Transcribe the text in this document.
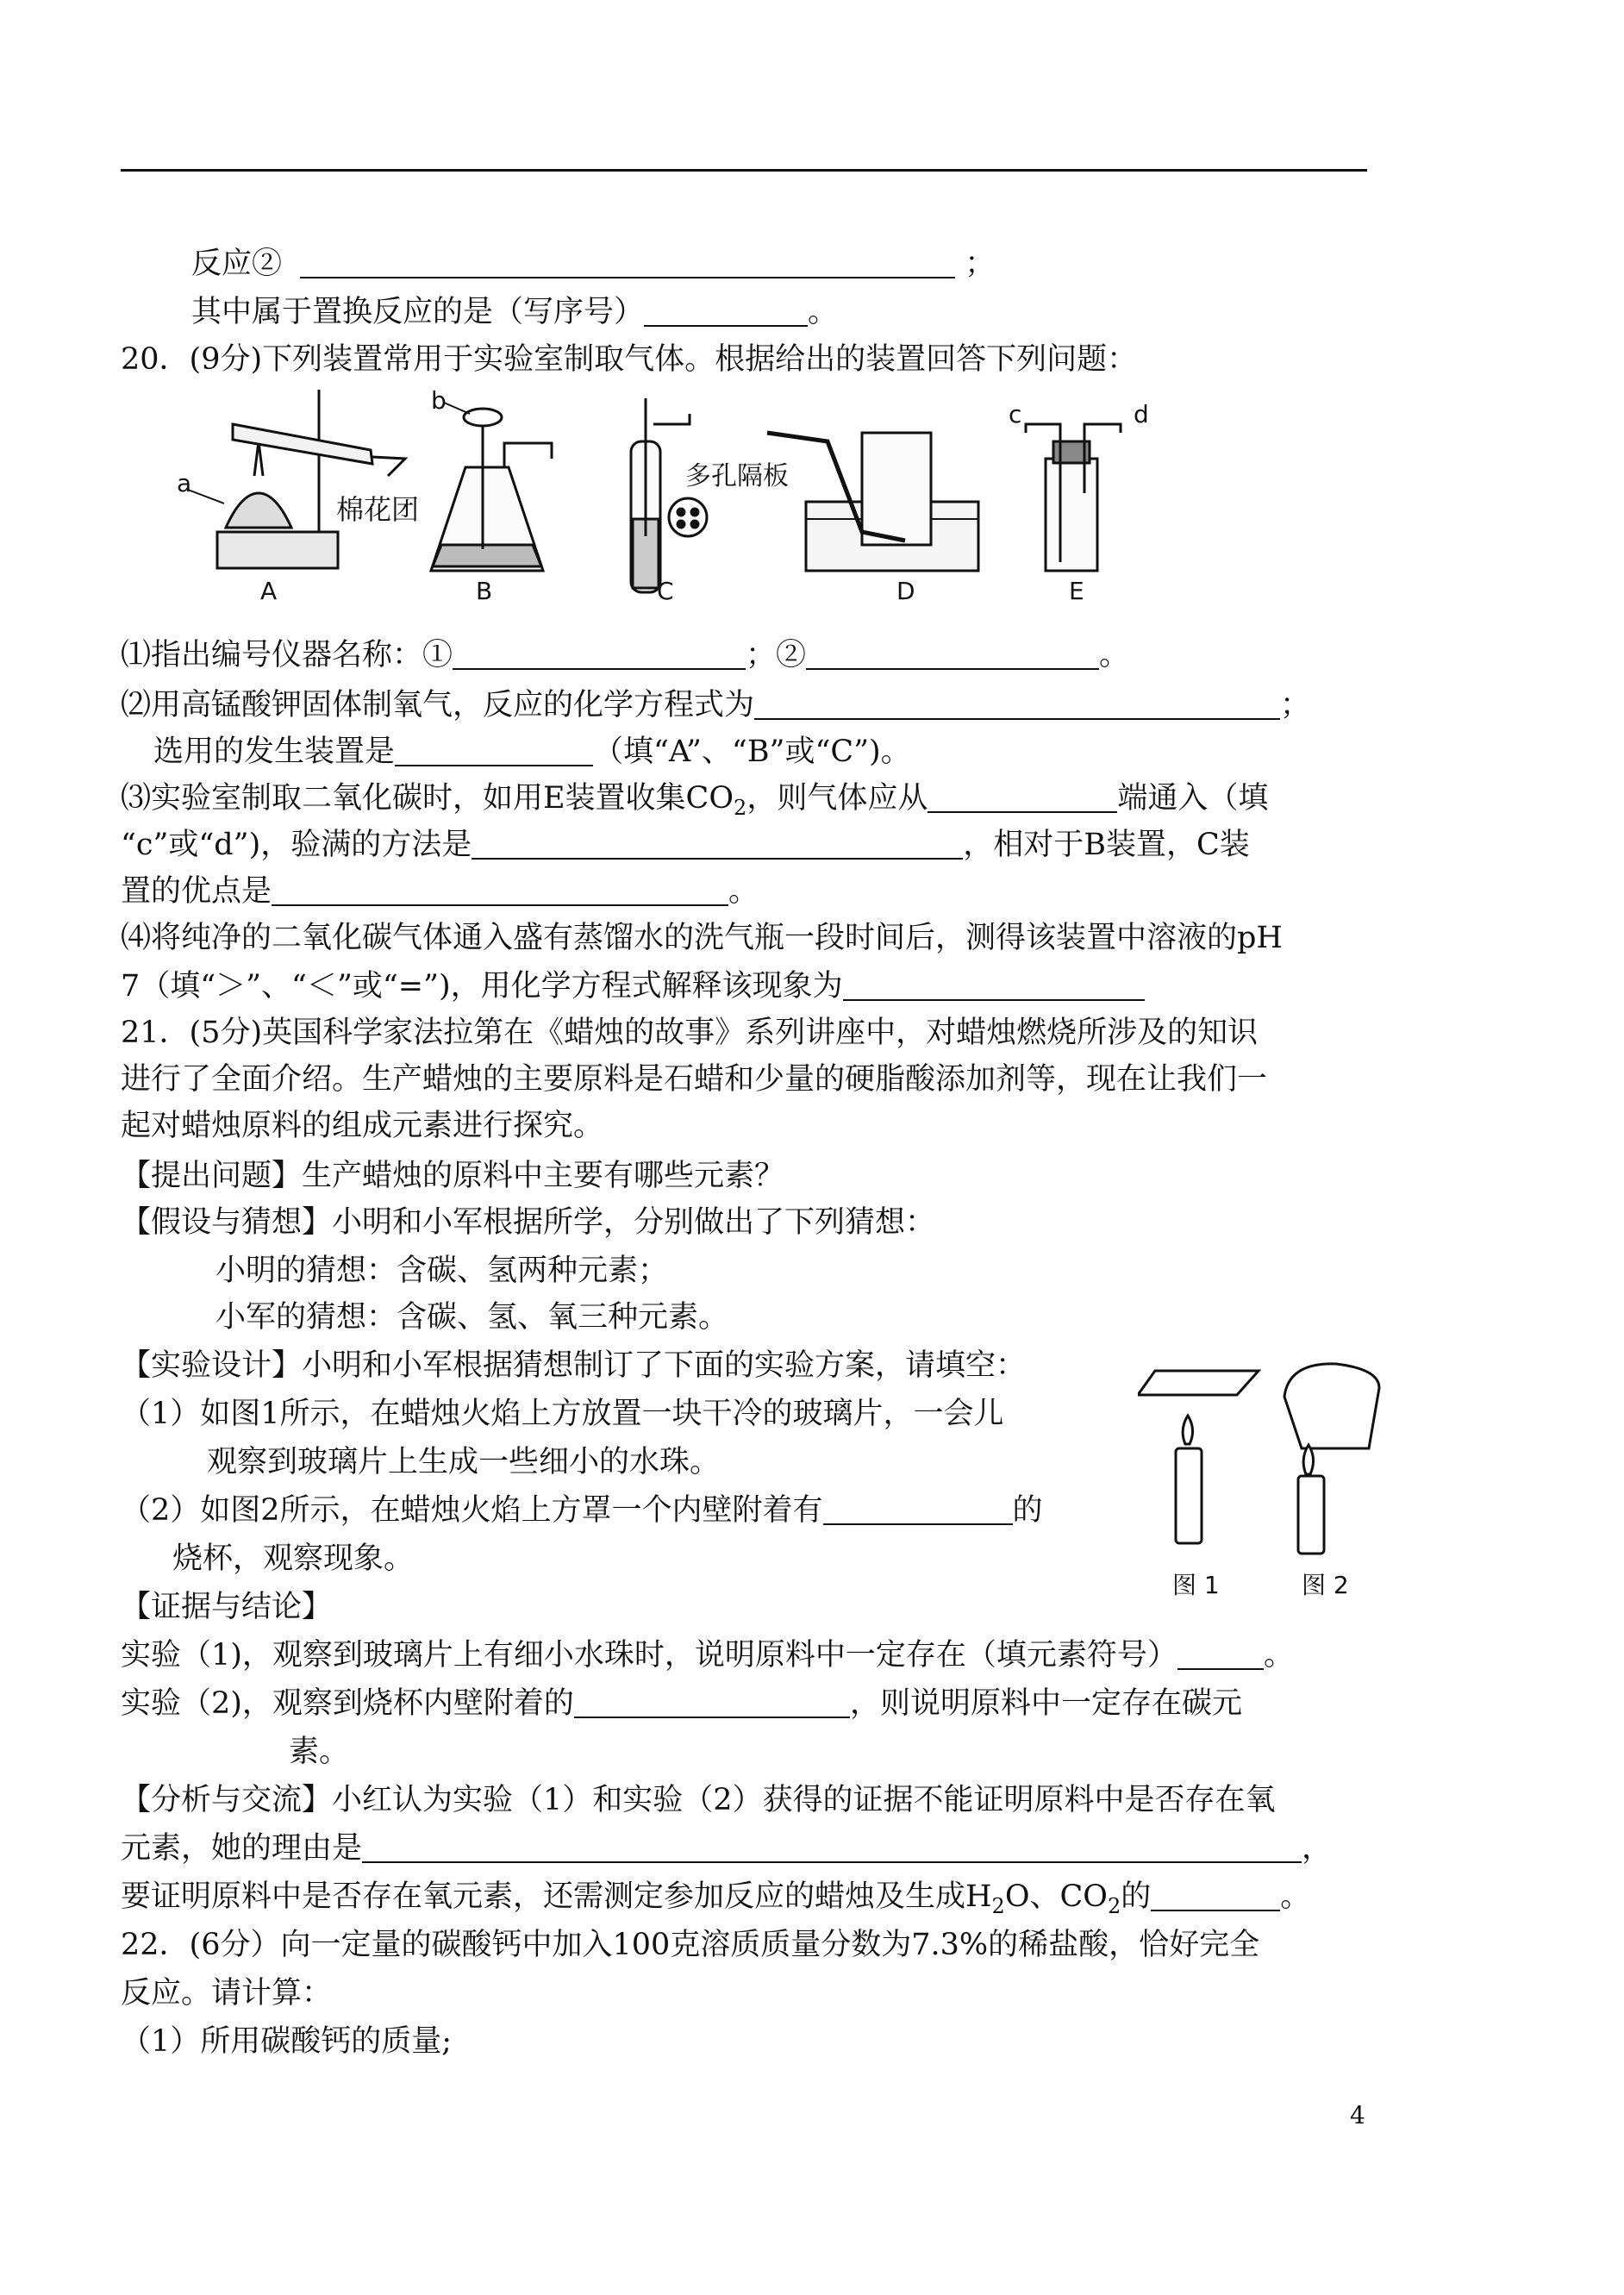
反应②	；
其中属于置换反应的是（写序号）	。
20．(9分)下列装置常用于实验室制取气体。根据给出的装置回答下列问题：
a
b	c	d
棉花团
多孔隔板
A	B	C	D	E
⑴指出编号仪器名称：①	；②	。
⑵用高锰酸钾固体制氧气，反应的化学方程式为	；
选用的发生装置是	（填“A”、“B”或“C”)。
⑶实验室制取二氧化碳时，如用E装置收集$CO_2$，则气体应从	端通入（填
“c”或“d”)，验满的方法是	，相对于B装置，C装
置的优点是	。
⑷将纯净的二氧化碳气体通入盛有蒸馏水的洗气瓶一段时间后，测得该装置中溶液的pH
7（填“＞”、“＜”或“=”)，用化学方程式解释该现象为
21．(5分)英国科学家法拉第在《蜡烛的故事》系列讲座中，对蜡烛燃烧所涉及的知识
进行了全面介绍。生产蜡烛的主要原料是石蜡和少量的硬脂酸添加剂等，现在让我们一
起对蜡烛原料的组成元素进行探究。
【提出问题】生产蜡烛的原料中主要有哪些元素？
【假设与猜想】小明和小军根据所学，分别做出了下列猜想：
小明的猜想：含碳、氢两种元素；
小军的猜想：含碳、氢、氧三种元素。
【实验设计】小明和小军根据猜想制订了下面的实验方案，请填空：
（1）如图1所示，在蜡烛火焰上方放置一块干冷的玻璃片，一会儿
观察到玻璃片上生成一些细小的水珠。
（2）如图2所示，在蜡烛火焰上方罩一个内壁附着有	的
烧杯，观察现象。
图 1	图 2
【证据与结论】
实验（1)，观察到玻璃片上有细小水珠时，说明原料中一定存在（填元素符号）	。
实验（2)，观察到烧杯内壁附着的	，则说明原料中一定存在碳元
素。
【分析与交流】小红认为实验（1）和实验（2）获得的证据不能证明原料中是否存在氧
元素，她的理由是	，
要证明原料中是否存在氧元素，还需测定参加反应的蜡烛及生成$H_2O$、$CO_2$的	。
22．(6分）向一定量的碳酸钙中加入100克溶质质量分数为7.3%的稀盐酸，恰好完全
反应。请计算：
（1）所用碳酸钙的质量;
4
